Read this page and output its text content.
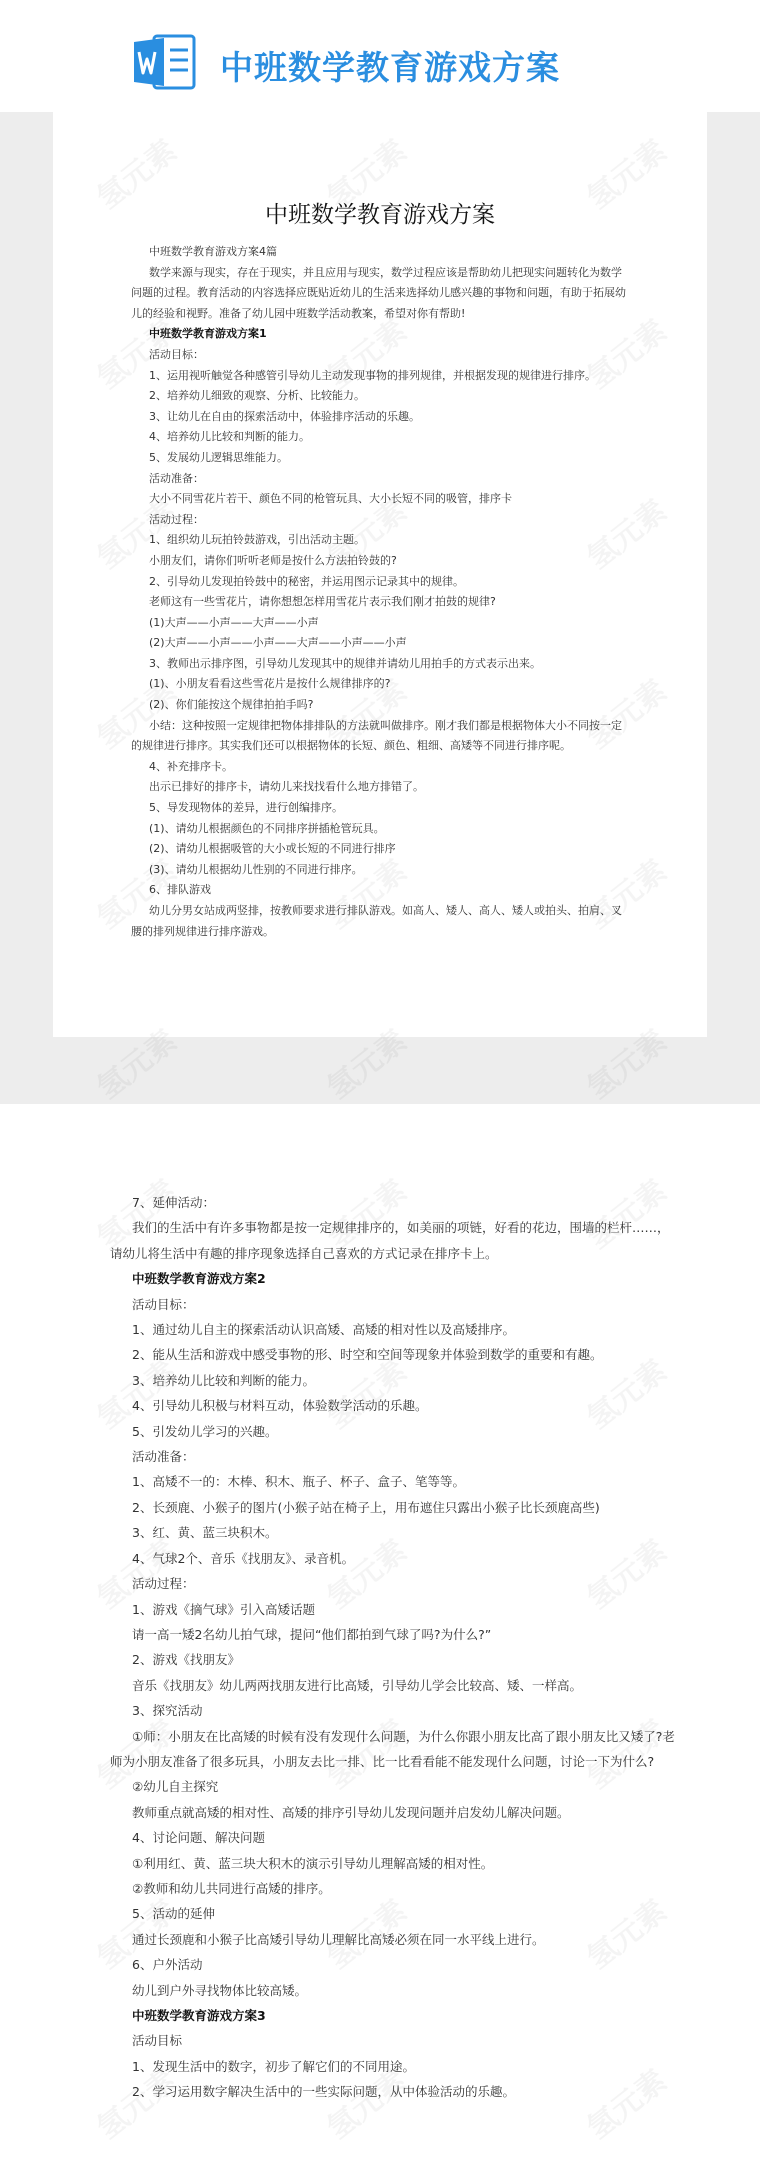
中班数学教育游戏方案
中班数学教育游戏方案
中班数学教育游戏方案4篇
数学来源与现实，存在于现实，并且应用与现实，数学过程应该是帮助幼儿把现实问题转化为数学
问题的过程。教育活动的内容选择应既贴近幼儿的生活来选择幼儿感兴趣的事物和问题，有助于拓展幼
儿的经验和视野。准备了幼儿园中班数学活动教案，希望对你有帮助!
中班数学教育游戏方案1
活动目标：
1、运用视听触觉各种感管引导幼儿主动发现事物的排列规律，并根据发现的规律进行排序。
2、培养幼儿细致的观察、分析、比较能力。
3、让幼儿在自由的探索活动中，体验排序活动的乐趣。
4、培养幼儿比较和判断的能力。
5、发展幼儿逻辑思维能力。
活动准备：
大小不同雪花片若干、颜色不同的枪管玩具、大小长短不同的吸管，排序卡
活动过程：
1、组织幼儿玩拍铃鼓游戏，引出活动主题。
小朋友们，请你们听听老师是按什么方法拍铃鼓的?
2、引导幼儿发现拍铃鼓中的秘密，并运用图示记录其中的规律。
老师这有一些雪花片，请你想想怎样用雪花片表示我们刚才拍鼓的规律?
(1)大声——小声——大声——小声
(2)大声——小声——小声——大声——小声——小声
3、教师出示排序图，引导幼儿发现其中的规律并请幼儿用拍手的方式表示出来。
(1)、小朋友看看这些雪花片是按什么规律排序的?
(2)、你们能按这个规律拍拍手吗?
小结：这种按照一定规律把物体排排队的方法就叫做排序。刚才我们都是根据物体大小不同按一定
的规律进行排序。其实我们还可以根据物体的长短、颜色、粗细、高矮等不同进行排序呢。
4、补充排序卡。
出示已排好的排序卡，请幼儿来找找看什么地方排错了。
5、导发现物体的差异，进行创编排序。
(1)、请幼儿根据颜色的不同排序拼插枪管玩具。
(2)、请幼儿根据吸管的大小或长短的不同进行排序
(3)、请幼儿根据幼儿性别的不同进行排序。
6、排队游戏
幼儿分男女站成两竖排，按教师要求进行排队游戏。如高人、矮人、高人、矮人或拍头、拍肩、叉
腰的排列规律进行排序游戏。
7、延伸活动：
我们的生活中有许多事物都是按一定规律排序的，如美丽的项链，好看的花边，围墙的栏杆……，
请幼儿将生活中有趣的排序现象选择自己喜欢的方式记录在排序卡上。
中班数学教育游戏方案2
活动目标：
1、通过幼儿自主的探索活动认识高矮、高矮的相对性以及高矮排序。
2、能从生活和游戏中感受事物的形、时空和空间等现象并体验到数学的重要和有趣。
3、培养幼儿比较和判断的能力。
4、引导幼儿积极与材料互动，体验数学活动的乐趣。
5、引发幼儿学习的兴趣。
活动准备：
1、高矮不一的：木棒、积木、瓶子、杯子、盒子、笔等等。
2、长颈鹿、小猴子的图片(小猴子站在椅子上，用布遮住只露出小猴子比长颈鹿高些)
3、红、黄、蓝三块积木。
4、气球2个、音乐《找朋友》、录音机。
活动过程：
1、游戏《摘气球》引入高矮话题
请一高一矮2名幼儿拍气球，提问“他们都拍到气球了吗?为什么?”
2、游戏《找朋友》
音乐《找朋友》幼儿两两找朋友进行比高矮，引导幼儿学会比较高、矮、一样高。
3、探究活动
①师：小朋友在比高矮的时候有没有发现什么问题，为什么你跟小朋友比高了跟小朋友比又矮了?老
师为小朋友准备了很多玩具，小朋友去比一排、比一比看看能不能发现什么问题，讨论一下为什么?
②幼儿自主探究
教师重点就高矮的相对性、高矮的排序引导幼儿发现问题并启发幼儿解决问题。
4、讨论问题、解决问题
①利用红、黄、蓝三块大积木的演示引导幼儿理解高矮的相对性。
②教师和幼儿共同进行高矮的排序。
5、活动的延伸
通过长颈鹿和小猴子比高矮引导幼儿理解比高矮必须在同一水平线上进行。
6、户外活动
幼儿到户外寻找物体比较高矮。
中班数学教育游戏方案3
活动目标
1、发现生活中的数字，初步了解它们的不同用途。
2、学习运用数字解决生活中的一些实际问题，从中体验活动的乐趣。
